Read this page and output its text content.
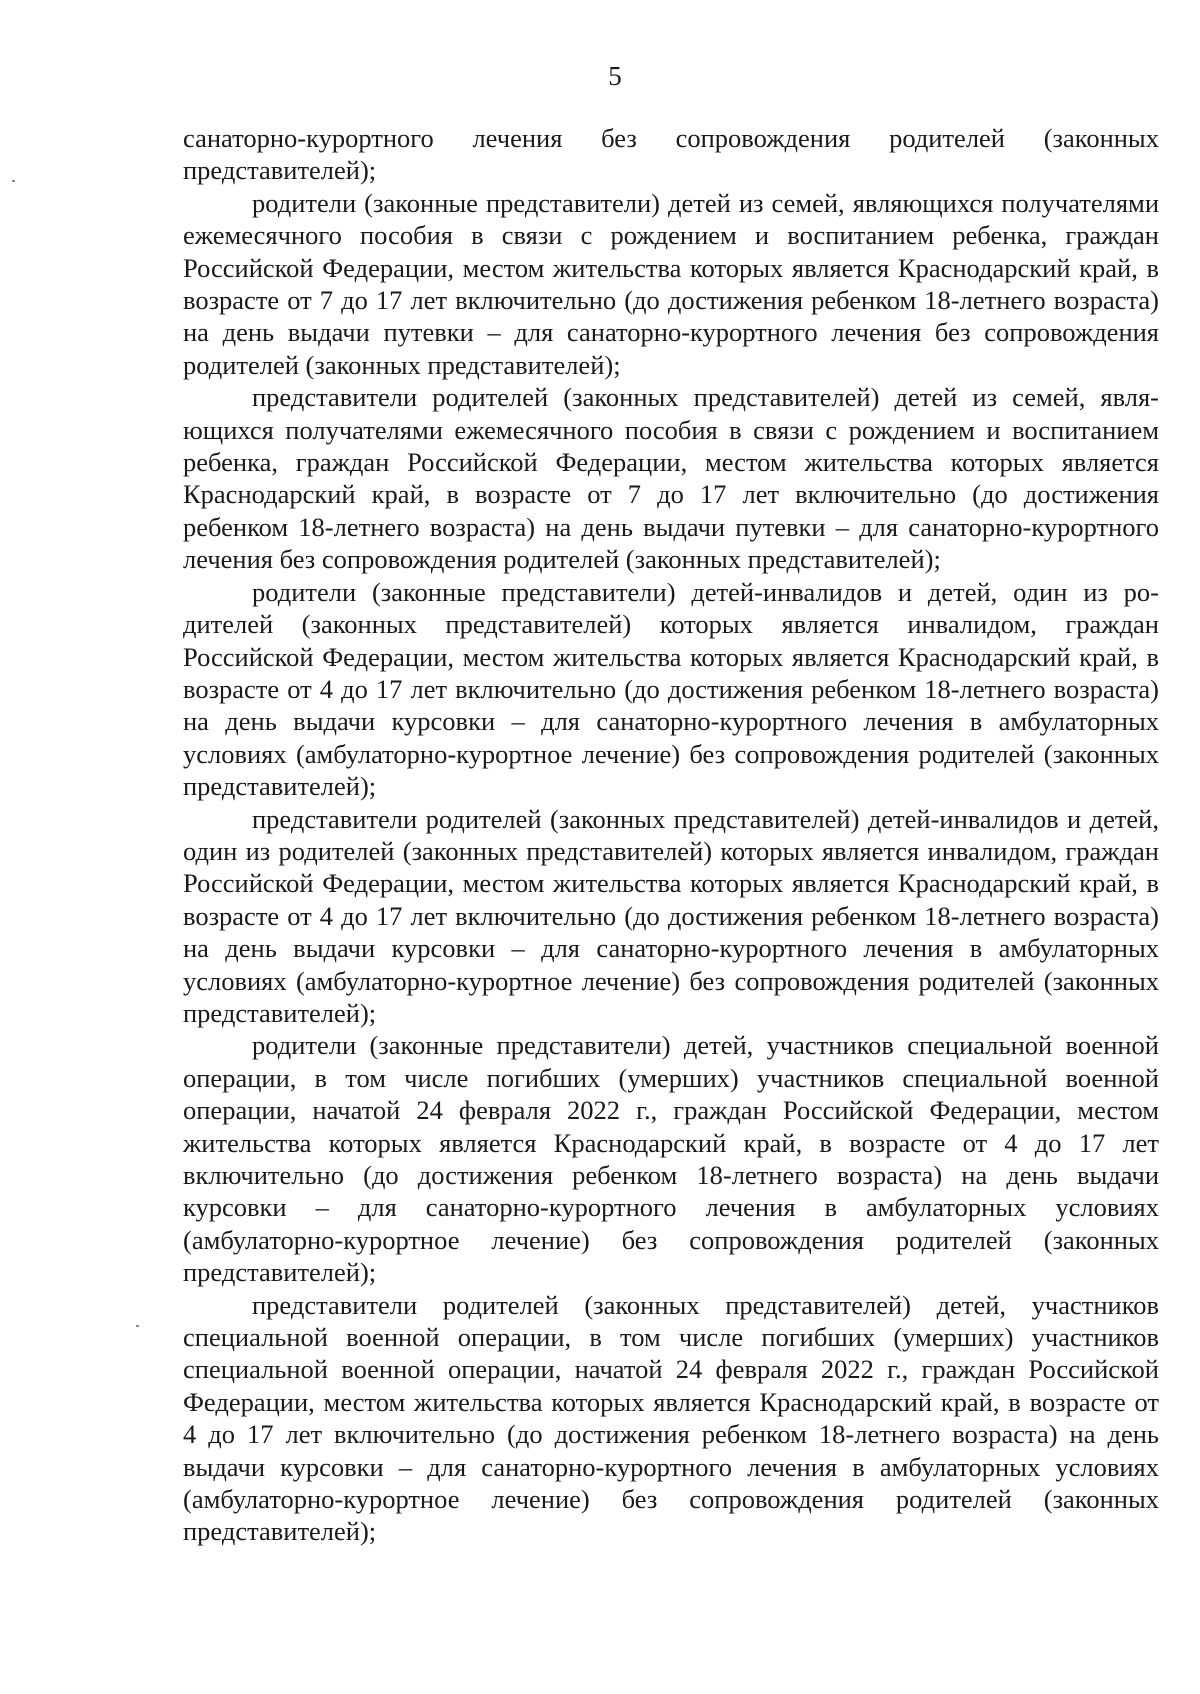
5

санаторно-курортного лечения без сопровождения родителей (законных представителей);

родители (законные представители) детей из семей, являющихся получателями ежемесячного пособия в связи с рождением и воспитанием ребенка, граждан Российской Федерации, местом жительства которых является Краснодарский край, в возрасте от 7 до 17 лет включительно (до достижения ребенком 18-летнего возраста) на день выдачи путевки – для санаторно-курортного лечения без сопровождения родителей (законных представителей);

представители родителей (законных представителей) детей из семей, являющихся получателями ежемесячного пособия в связи с рождением и воспитанием ребенка, граждан Российской Федерации, местом жительства которых является Краснодарский край, в возрасте от 7 до 17 лет включительно (до достижения ребенком 18-летнего возраста) на день выдачи путевки – для санаторно-курортного лечения без сопровождения родителей (законных представителей);

родители (законные представители) детей-инвалидов и детей, один из родителей (законных представителей) которых является инвалидом, граждан Российской Федерации, местом жительства которых является Краснодарский край, в возрасте от 4 до 17 лет включительно (до достижения ребенком 18-летнего возраста) на день выдачи курсовки – для санаторно-курортного лечения в амбулаторных условиях (амбулаторно-курортное лечение) без сопровождения родителей (законных представителей);

представители родителей (законных представителей) детей-инвалидов и детей, один из родителей (законных представителей) которых является инвалидом, граждан Российской Федерации, местом жительства которых является Краснодарский край, в возрасте от 4 до 17 лет включительно (до достижения ребенком 18-летнего возраста) на день выдачи курсовки – для санаторно-курортного лечения в амбулаторных условиях (амбулаторно-курортное лечение) без сопровождения родителей (законных представителей);

родители (законные представители) детей, участников специальной военной операции, в том числе погибших (умерших) участников специальной военной операции, начатой 24 февраля 2022 г., граждан Российской Федерации, местом жительства которых является Краснодарский край, в возрасте от 4 до 17 лет включительно (до достижения ребенком 18-летнего возраста) на день выдачи курсовки – для санаторно-курортного лечения в амбулаторных условиях (амбулаторно-курортное лечение) без сопровождения родителей (законных представителей);

представители родителей (законных представителей) детей, участников специальной военной операции, в том числе погибших (умерших) участников специальной военной операции, начатой 24 февраля 2022 г., граждан Российской Федерации, местом жительства которых является Краснодарский край, в возрасте от 4 до 17 лет включительно (до достижения ребенком 18-летнего возраста) на день выдачи курсовки – для санаторно-курортного лечения в амбулаторных условиях (амбулаторно-курортное лечение) без сопровождения родителей (законных представителей);
